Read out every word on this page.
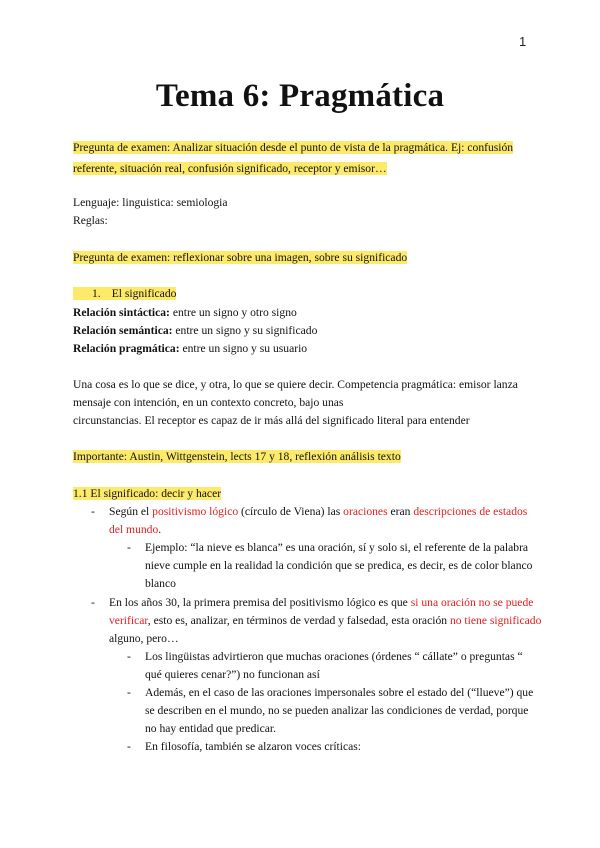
1
Tema 6: Pragmática
Pregunta de examen: Analizar situación desde el punto de vista de la pragmática. Ej: confusión
referente, situación real, confusión significado, receptor y emisor…
Lenguaje: linguistica: semiologia
Reglas:
Pregunta de examen: reflexionar sobre una imagen, sobre su significado
1. El significado
Relación sintáctica: entre un signo y otro signo
Relación semántica: entre un signo y su significado
Relación pragmática: entre un signo y su usuario
Una cosa es lo que se dice, y otra, lo que se quiere decir. Competencia pragmática: emisor lanza
mensaje con intención, en un contexto concreto, bajo unas
circunstancias. El receptor es capaz de ir más allá del significado literal para entender
Importante: Austin, Wittgenstein, lects 17 y 18, reflexión análisis texto
1.1 El significado: decir y hacer
- Según el positivismo lógico (círculo de Viena) las oraciones eran descripciones de estados
del mundo.
- Ejemplo: “la nieve es blanca” es una oración, sí y solo si, el referente de la palabra
nieve cumple en la realidad la condición que se predica, es decir, es de color blanco
blanco
- En los años 30, la primera premisa del positivismo lógico es que si una oración no se puede
verificar, esto es, analizar, en términos de verdad y falsedad, esta oración no tiene significado
alguno, pero…
- Los lingüistas advirtieron que muchas oraciones (órdenes “ cállate” o preguntas “
qué quieres cenar?”) no funcionan así
- Además, en el caso de las oraciones impersonales sobre el estado del (“llueve”) que
se describen en el mundo, no se pueden analizar las condiciones de verdad, porque
no hay entidad que predicar.
- En filosofía, también se alzaron voces críticas:
